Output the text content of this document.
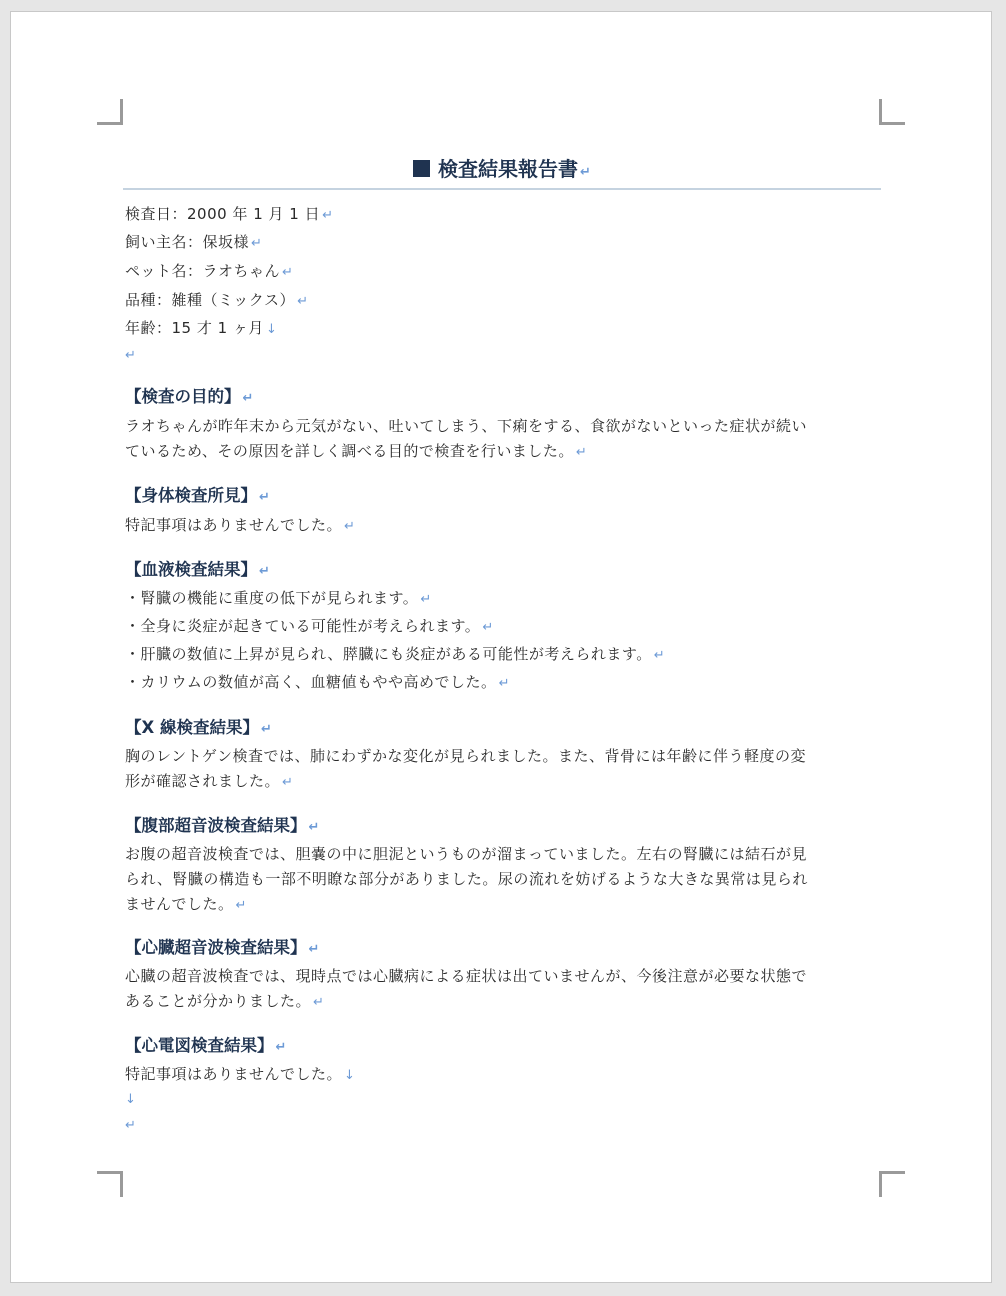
検査結果報告書 ↵
検査日：2000 年 1 月 1 日 ↵
飼い主名：保坂様 ↵
ペット名：ラオちゃん ↵
品種：雑種（ミックス） ↵
年齢：15 才 1 ヶ月 ↓
↵
【検査の目的】 ↵
ラオちゃんが昨年末から元気がない、吐いてしまう、下痢をする、食欲がないといった症状が続い
ているため、その原因を詳しく調べる目的で検査を行いました。 ↵
【身体検査所見】 ↵
特記事項はありませんでした。 ↵
【血液検査結果】 ↵
・腎臓の機能に重度の低下が見られます。 ↵
・全身に炎症が起きている可能性が考えられます。 ↵
・肝臓の数値に上昇が見られ、膵臓にも炎症がある可能性が考えられます。 ↵
・カリウムの数値が高く、血糖値もやや高めでした。 ↵
【X 線検査結果】 ↵
胸のレントゲン検査では、肺にわずかな変化が見られました。また、背骨には年齢に伴う軽度の変
形が確認されました。 ↵
【腹部超音波検査結果】 ↵
お腹の超音波検査では、胆嚢の中に胆泥というものが溜まっていました。左右の腎臓には結石が見
られ、腎臓の構造も一部不明瞭な部分がありました。尿の流れを妨げるような大きな異常は見られ
ませんでした。 ↵
【心臓超音波検査結果】 ↵
心臓の超音波検査では、現時点では心臓病による症状は出ていませんが、今後注意が必要な状態で
あることが分かりました。 ↵
【心電図検査結果】 ↵
特記事項はありませんでした。 ↓
↓
↵
